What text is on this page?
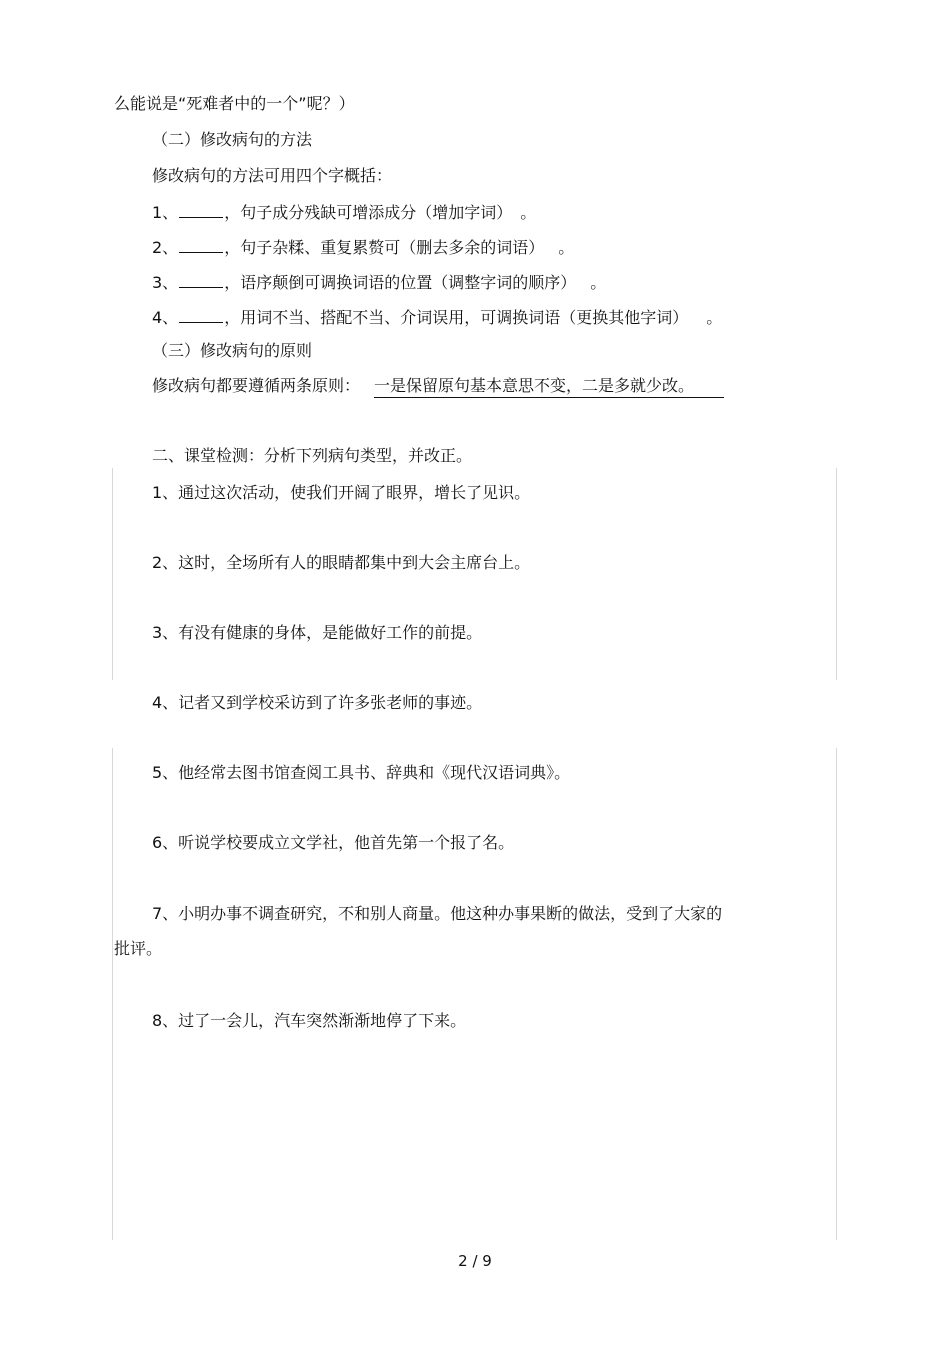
么能说是“死难者中的一个”呢？）
（二）修改病句的方法
修改病句的方法可用四个字概括：
1、	，句子成分残缺可增添成分（增加字词） 。
2、	，句子杂糅、重复累赘可（删去多余的词语） 。
3、	，语序颠倒可调换词语的位置（调整字词的顺序） 。
4、	，用词不当、搭配不当、介词误用，可调换词语（更换其他字词） 。
（三）修改病句的原则
修改病句都要遵循两条原则： 一是保留原句基本意思不变，二是多就少改。
二、课堂检测：分析下列病句类型，并改正。
1、通过这次活动，使我们开阔了眼界，增长了见识。
2、这时，全场所有人的眼睛都集中到大会主席台上。
3、有没有健康的身体，是能做好工作的前提。
4、记者又到学校采访到了许多张老师的事迹。
5、他经常去图书馆查阅工具书、辞典和《现代汉语词典》。
6、听说学校要成立文学社，他首先第一个报了名。
7、小明办事不调查研究，不和别人商量。他这种办事果断的做法，受到了大家的
批评。
8、过了一会儿，汽车突然渐渐地停了下来。
2 / 9
